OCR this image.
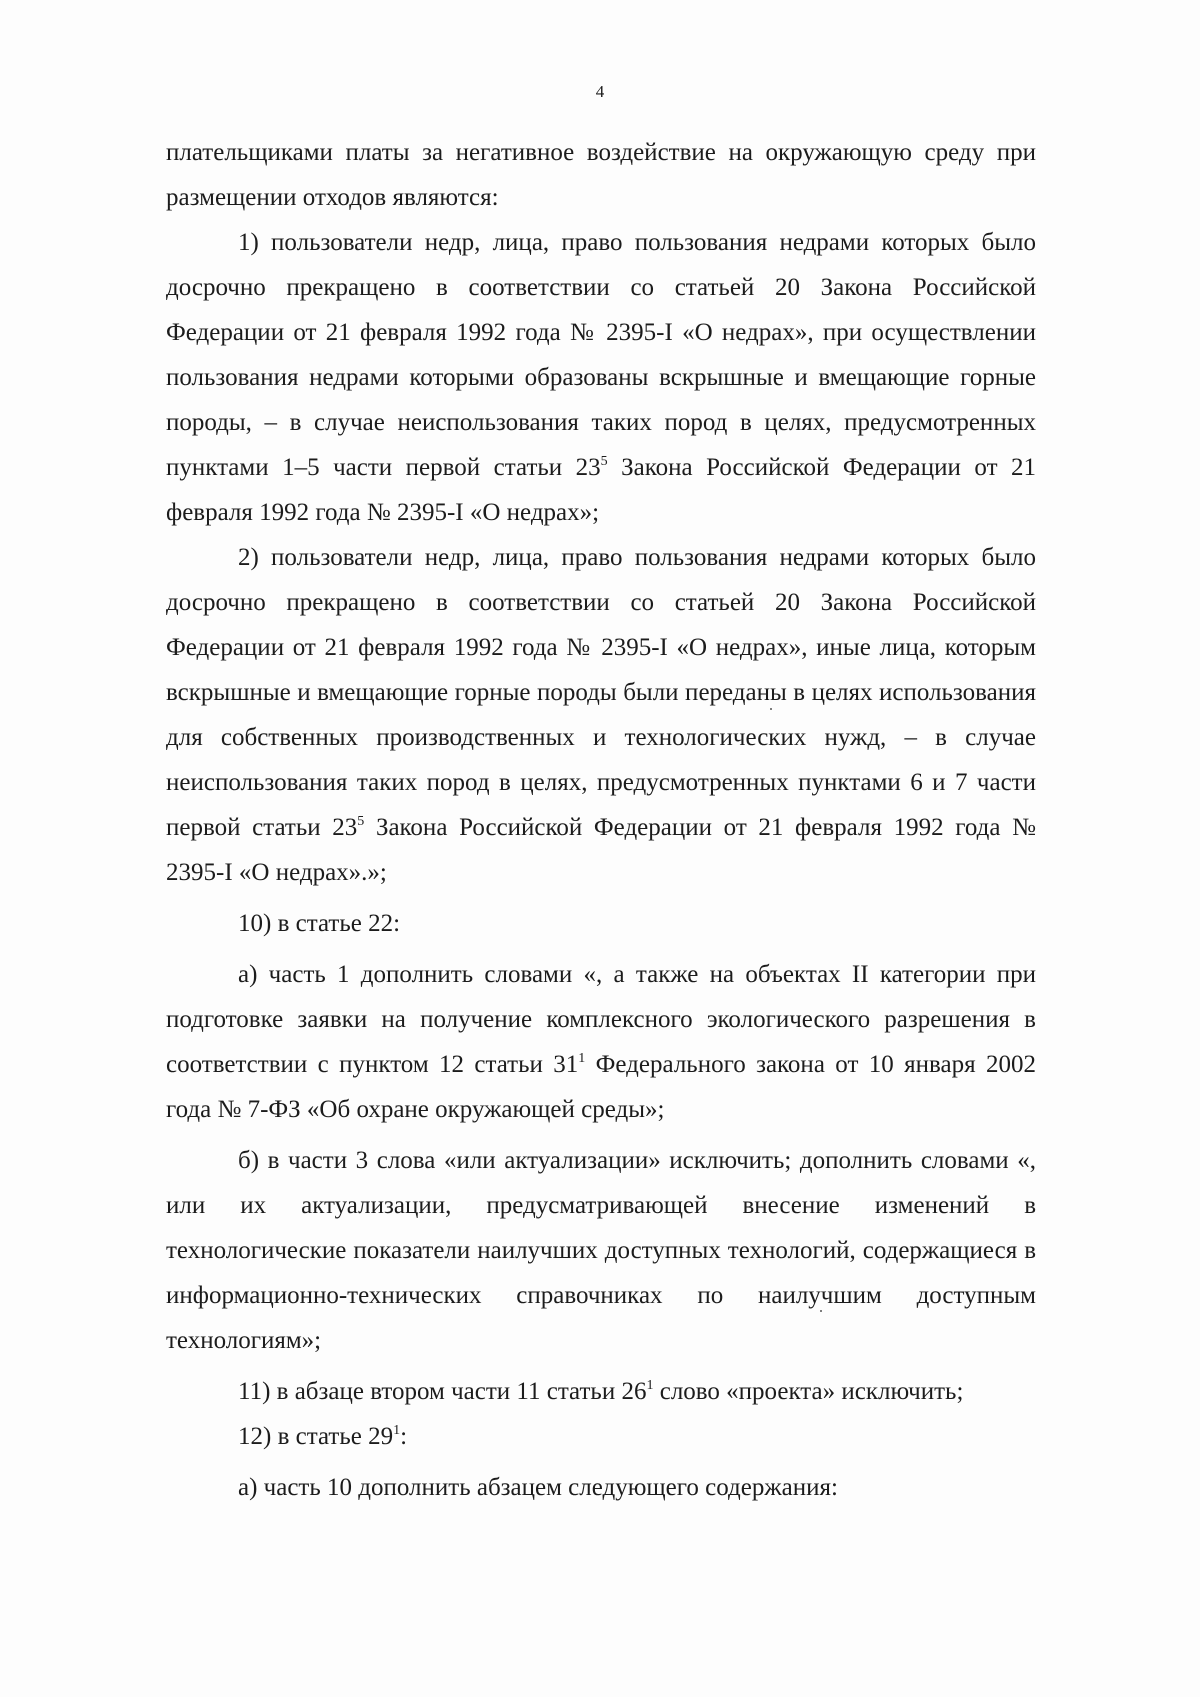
4

плательщиками платы за негативное воздействие на окружающую среду при размещении отходов являются:

1) пользователи недр, лица, право пользования недрами которых было досрочно прекращено в соответствии со статьей 20 Закона Российской Федерации от 21 февраля 1992 года № 2395-I «О недрах», при осуществлении пользования недрами которыми образованы вскрышные и вмещающие горные породы, – в случае неиспользования таких пород в целях, предусмотренных пунктами 1–5 части первой статьи $23^5$ Закона Российской Федерации от 21 февраля 1992 года № 2395-I «О недрах»;

2) пользователи недр, лица, право пользования недрами которых было досрочно прекращено в соответствии со статьей 20 Закона Российской Федерации от 21 февраля 1992 года № 2395-I «О недрах», иные лица, которым вскрышные и вмещающие горные породы были переданы в целях использования для собственных производственных и технологических нужд, – в случае неиспользования таких пород в целях, предусмотренных пунктами 6 и 7 части первой статьи $23^5$ Закона Российской Федерации от 21 февраля 1992 года № 2395-I «О недрах».»;

10) в статье 22:

а) часть 1 дополнить словами «, а также на объектах II категории при подготовке заявки на получение комплексного экологического разрешения в соответствии с пунктом 12 статьи $31^1$ Федерального закона от 10 января 2002 года № 7-ФЗ «Об охране окружающей среды»;

б) в части 3 слова «или актуализации» исключить; дополнить словами «, или их актуализации, предусматривающей внесение изменений в технологические показатели наилучших доступных технологий, содержащиеся в информационно-технических справочниках по наилучшим доступным технологиям»;

11) в абзаце втором части 11 статьи $26^1$ слово «проекта» исключить;

12) в статье $29^1$:

а) часть 10 дополнить абзацем следующего содержания:
